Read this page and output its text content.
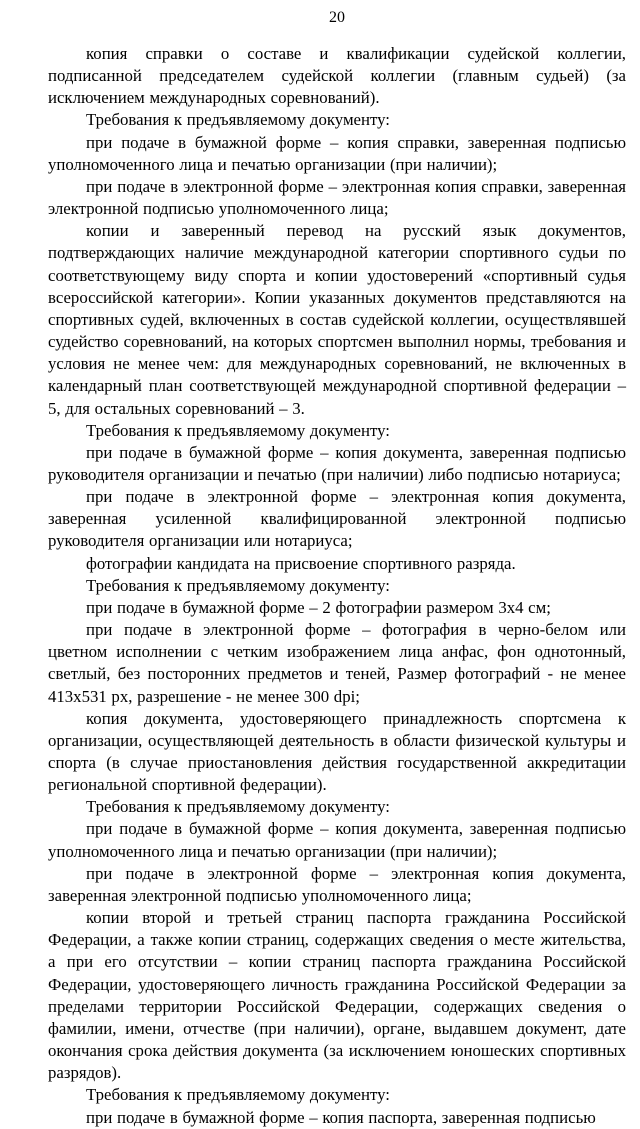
20

копия справки о составе и квалификации судейской коллегии, подписанной председателем судейской коллегии (главным судьей) (за исключением международных соревнований).

Требования к предъявляемому документу:

при подаче в бумажной форме – копия справки, заверенная подписью уполномоченного лица и печатью организации (при наличии);

при подаче в электронной форме – электронная копия справки, заверенная электронной подписью уполномоченного лица;

копии и заверенный перевод на русский язык документов, подтверждающих наличие международной категории спортивного судьи по соответствующему виду спорта и копии удостоверений «спортивный судья всероссийской категории». Копии указанных документов представляются на спортивных судей, включенных в состав судейской коллегии, осуществлявшей судейство соревнований, на которых спортсмен выполнил нормы, требования и условия не менее чем: для международных соревнований, не включенных в календарный план соответствующей международной спортивной федерации – 5, для остальных соревнований – 3.

Требования к предъявляемому документу:

при подаче в бумажной форме – копия документа, заверенная подписью руководителя организации и печатью (при наличии) либо подписью нотариуса;

при подаче в электронной форме – электронная копия документа, заверенная усиленной квалифицированной электронной подписью руководителя организации или нотариуса;

фотографии кандидата на присвоение спортивного разряда.

Требования к предъявляемому документу:

при подаче в бумажной форме – 2 фотографии размером 3х4 см;

при подаче в электронной форме – фотография в черно-белом или цветном исполнении с четким изображением лица анфас, фон однотонный, светлый, без посторонних предметов и теней, Размер фотографий - не менее 413х531 px, разрешение - не менее 300 dpi;

копия документа, удостоверяющего принадлежность спортсмена к организации, осуществляющей деятельность в области физической культуры и спорта (в случае приостановления действия государственной аккредитации региональной спортивной федерации).

Требования к предъявляемому документу:

при подаче в бумажной форме – копия документа, заверенная подписью уполномоченного лица и печатью организации (при наличии);

при подаче в электронной форме – электронная копия документа, заверенная электронной подписью уполномоченного лица;

копии второй и третьей страниц паспорта гражданина Российской Федерации, а также копии страниц, содержащих сведения о месте жительства, а при его отсутствии – копии страниц паспорта гражданина Российской Федерации, удостоверяющего личность гражданина Российской Федерации за пределами территории Российской Федерации, содержащих сведения о фамилии, имени, отчестве (при наличии), органе, выдавшем документ, дате окончания срока действия документа (за исключением юношеских спортивных разрядов).

Требования к предъявляемому документу:

при подаче в бумажной форме – копия паспорта, заверенная подписью
